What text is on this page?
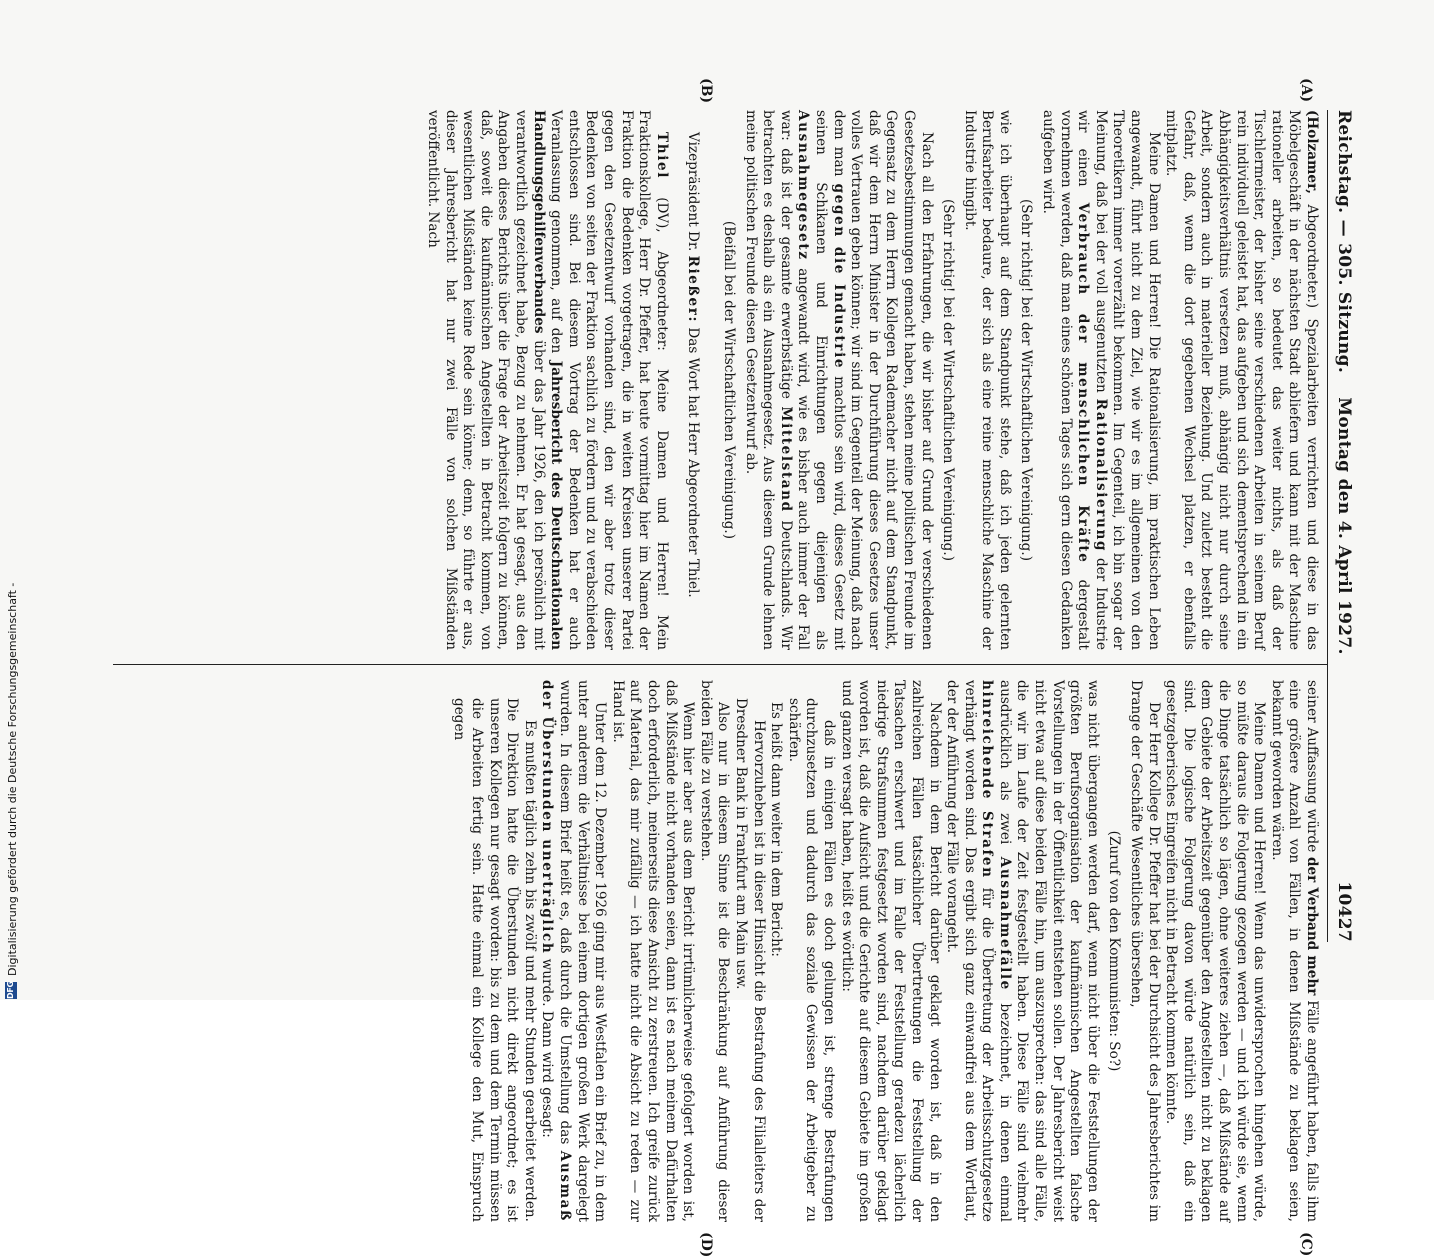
Reichstag. — 305. Sitzung.
Montag den 4. April 1927.
10427
(A)
(B)
(C)
(D)

(Holzamer, Abgeordneter.) Spezialarbeiten verrichten und diese in das Möbelgeschäft in der nächsten Stadt abliefern und kann mit der Maschine rationeller arbeiten, so bedeutet das weiter nichts, als daß der Tischlermeister, der bisher seine verschiedenen Arbeiten in seinem Beruf rein individuell geleistet hat, das aufgeben und sich dementsprechend in ein Abhängigkeitsverhältnis versetzen muß, abhängig nicht nur durch seine Arbeit, sondern auch in materieller Beziehung. Und zuletzt besteht die Gefahr, daß, wenn die dort gegebenen Wechsel platzen, er ebenfalls mitplatzt.

Meine Damen und Herren! Die Rationalisierung, im praktischen Leben angewandt, führt nicht zu dem Ziel, wie wir es im allgemeinen von den Theoretikern immer vorerzählt bekommen. Im Gegenteil, ich bin sogar der Meinung, daß bei der voll ausgenutzten Rationalisierung der Industrie wir einen Verbrauch der menschlichen Kräfte dergestalt vornehmen werden, daß man eines schönen Tages sich gern diesen Gedanken aufgeben wird.

(Sehr richtig! bei der Wirtschaftlichen Vereinigung.)

wie ich überhaupt auf dem Standpunkt stehe, daß ich jeden gelernten Berufsarbeiter bedaure, der sich als eine reine menschliche Maschine der Industrie hingibt.

(Sehr richtig! bei der Wirtschaftlichen Vereinigung.)

Nach all den Erfahrungen, die wir bisher auf Grund der verschiedenen Gesetzesbestimmungen gemacht haben, stehen meine politischen Freunde im Gegensatz zu dem Herrn Kollegen Rademacher nicht auf dem Standpunkt, daß wir dem Herrn Minister in der Durchführung dieses Gesetzes unser volles Vertrauen geben können; wir sind im Gegenteil der Meinung, daß nach dem man gegen die Industrie machtlos sein wird, dieses Gesetz mit seinen Schikanen und Einrichtungen gegen diejenigen als Ausnahmegesetz angewandt wird, wie es bisher auch immer der Fall war: daß ist der gesamte erwerbstätige Mittelstand Deutschlands. Wir betrachten es deshalb als ein Ausnahmegesetz. Aus diesem Grunde lehnen meine politischen Freunde diesen Gesetzentwurf ab.

(Beifall bei der Wirtschaftlichen Vereinigung.)

Vizepräsident Dr. Rießer: Das Wort hat Herr Abgeordneter Thiel.

Thiel (DV), Abgeordneter: Meine Damen und Herren! Mein Fraktionskollege, Herr Dr. Pfeffer, hat heute vormittag hier im Namen der Fraktion die Bedenken vorgetragen, die in weiten Kreisen unserer Partei gegen den Gesetzentwurf vorhanden sind, den wir aber trotz dieser Bedenken von seiten der Fraktion sachlich zu fördern und zu verabschieden entschlossen sind. Bei diesem Vortrag der Bedenken hat er auch Veranlassung genommen, auf den Jahresbericht des Deutschnationalen Handlungsgehilfenverbandes über das Jahr 1926, den ich persönlich mit verantwortlich gezeichnet habe, Bezug zu nehmen. Er hat gesagt, aus den Angaben dieses Berichts über die Frage der Arbeitszeit folgern zu können, daß, soweit die kaufmännischen Angestellten in Betracht kommen, von wesentlichen Mißständen keine Rede sein könne; denn, so führte er aus, dieser Jahresbericht hat nur zwei Fälle von solchen Mißständen veröffentlicht. Nach

seiner Auffassung würde der Verband mehr Fälle angeführt haben, falls ihm eine größere Anzahl von Fällen, in denen Mißstände zu beklagen seien, bekannt geworden wären.

Meine Damen und Herren! Wenn das unwidersprochen hingehen würde, so müßte daraus die Folgerung gezogen werden — und ich würde sie, wenn die Dinge tatsächlich so lägen, ohne weiteres ziehen —, daß Mißstände auf dem Gebiete der Arbeitszeit gegenüber den Angestellten nicht zu beklagen sind. Die logische Folgerung davon würde natürlich sein, daß ein gesetzgeberisches Eingreifen nicht in Betracht kommen könnte.

Der Herr Kollege Dr. Pfeffer hat bei der Durchsicht des Jahresberichtes im Drange der Geschäfte Wesentliches übersehen,

(Zuruf von den Kommunisten: So?)

was nicht übergangen werden darf, wenn nicht über die Feststellungen der größten Berufsorganisation der kaufmännischen Angestellten falsche Vorstellungen in der Öffentlichkeit entstehen sollen. Der Jahresbericht weist nicht etwa auf diese beiden Fälle hin, um auszusprechen: das sind alle Fälle, die wir im Laufe der Zeit festgestellt haben. Diese Fälle sind vielmehr ausdrücklich als zwei Ausnahmefälle bezeichnet, in denen einmal hinreichende Strafen für die Übertretung der Arbeitsschutzgesetze verhängt worden sind. Das ergibt sich ganz einwandfrei aus dem Wortlaut, der der Anführung der Fälle vorangeht.

Nachdem in dem Bericht darüber geklagt worden ist, daß in den zahlreichen Fällen tatsächlicher Übertretungen die Feststellung der Tatsachen erschwert und im Falle der Feststellung geradezu lächerlich niedrige Strafsummen festgesetzt worden sind, nachdem darüber geklagt worden ist, daß die Aufsicht und die Gerichte auf diesem Gebiete im großen und ganzen versagt haben, heißt es wörtlich:

daß in einigen Fällen es doch gelungen ist, strenge Bestrafungen durchzusetzen und dadurch das soziale Gewissen der Arbeitgeber zu schärfen.

Es heißt dann weiter in dem Bericht:

Hervorzuheben ist in dieser Hinsicht die Bestrafung des Filialleiters der Dresdner Bank in Frankfurt am Main usw.

Also nur in diesem Sinne ist die Beschränkung auf Anführung dieser beiden Fälle zu verstehen.

Wenn hier aber aus dem Bericht irrtümlicherweise gefolgert worden ist, daß Mißstände nicht vorhanden seien, dann ist es nach meinem Dafürhalten doch erforderlich, meinerseits diese Ansicht zu zerstreuen. Ich greife zurück auf Material, das mir zufällig — ich hatte nicht die Absicht zu reden — zur Hand ist.

Unter dem 12. Dezember 1926 ging mir aus Westfalen ein Brief zu, in dem unter anderem die Verhältnisse bei einem dortigen großen Werk dargelegt wurden. In diesem Brief heißt es, daß durch die Umstellung das Ausmaß der Überstunden unerträglich wurde. Dann wird gesagt:

Es mußten täglich zehn bis zwölf und mehr Stunden gearbeitet werden. Die Direktion hatte die Überstunden nicht direkt angeordnet; es ist unseren Kollegen nur gesagt worden: bis zu dem und dem Termin müssen die Arbeiten fertig sein. Hatte einmal ein Kollege den Mut, Einspruch gegen

DFG
Digitalisierung gefördert durch die Deutsche Forschungsgemeinschaft -
